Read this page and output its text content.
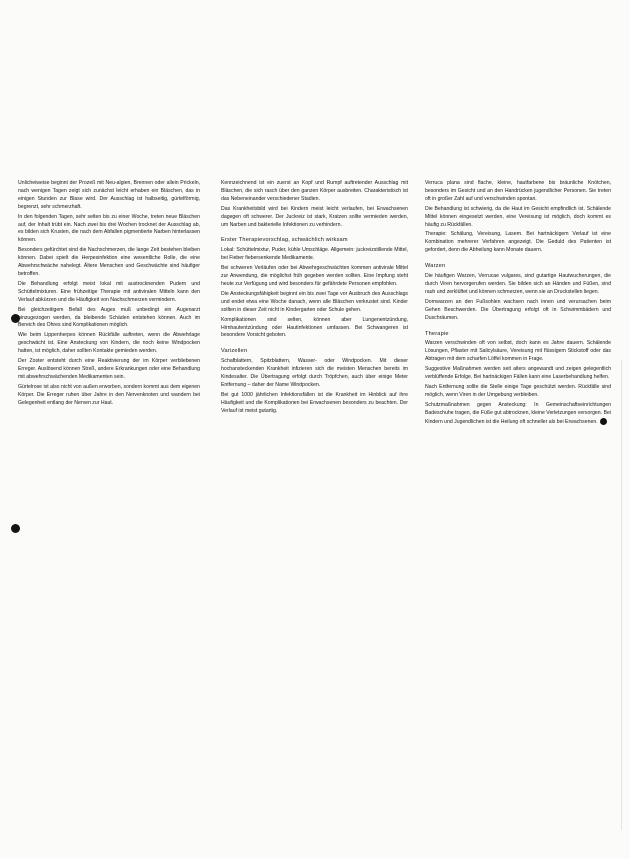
Unlicheiweise beginnt der Prozeß mit Neu-algien, Brennen oder allein Prickeln, nach wenigen Tagen zeigt sich zunächst leicht erhaben ein Bläschen, das in einigen Stunden zur Blase wird. Der Ausschlag ist halbseitig, gürtelförmig, begrenzt, sehr schmerzhaft.

In den folgenden Tagen, sehr selten bis zu einer Woche, treten neue Bläschen auf, der Inhalt trübt ein. Nach zwei bis drei Wochen trocknet der Ausschlag ab, es bilden sich Krusten, die nach dem Abfallen pigmentierte Narben hinterlassen können.

Besonders gefürchtet sind die Nachschmerzen, die lange Zeit bestehen bleiben können. Dabei spielt die Herpesinfektion eine wesentliche Rolle, die eine Abwehrschwäche nahelegt. Ältere Menschen und Geschwächte sind häufiger betroffen.

Die Behandlung erfolgt meist lokal mit austrocknenden Pudern und Schüttelmixturen. Eine frühzeitige Therapie mit antiviralen Mitteln kann den Verlauf abkürzen und die Häufigkeit von Nachschmerzen vermindern.

Bei gleichzeitigem Befall des Auges muß unbedingt ein Augenarzt hinzugezogen werden, da bleibende Schäden entstehen können. Auch im Bereich des Ohres sind Komplikationen möglich.

Wie beim Lippenherpes können Rückfälle auftreten, wenn die Abwehrlage geschwächt ist. Eine Ansteckung von Kindern, die noch keine Windpocken hatten, ist möglich, daher sollten Kontakte gemieden werden.

Der Zoster entsteht durch eine Reaktivierung der im Körper verbliebenen Erreger. Auslösend können Streß, andere Erkrankungen oder eine Behandlung mit abwehrschwächenden Medikamenten sein.

Gürtelrose ist also nicht von außen erworben, sondern kommt aus dem eigenen Körper. Die Erreger ruhen über Jahre in den Nervenknoten und wandern bei Gelegenheit entlang der Nerven zur Haut.

Kennzeichnend ist ein zuerst an Kopf und Rumpf auftretender Ausschlag mit Bläschen, die sich rasch über den ganzen Körper ausbreiten. Charakteristisch ist das Nebeneinander verschiedener Stadien.

Das Krankheitsbild wird bei Kindern meist leicht verlaufen, bei Erwachsenen dagegen oft schwerer. Der Juckreiz ist stark, Kratzen sollte vermieden werden, um Narben und bakterielle Infektionen zu verhindern.

Erster Therapievorschlag, schwächlich wirksam

Lokal: Schüttelmixtur, Puder, kühle Umschläge. Allgemein: juckreizstillende Mittel, bei Fieber fiebersenkende Medikamente.

Bei schweren Verläufen oder bei Abwehrgeschwächten kommen antivirale Mittel zur Anwendung, die möglichst früh gegeben werden sollten. Eine Impfung steht heute zur Verfügung und wird besonders für gefährdete Personen empfohlen.

Die Ansteckungsfähigkeit beginnt ein bis zwei Tage vor Ausbruch des Ausschlags und endet etwa eine Woche danach, wenn alle Bläschen verkrustet sind. Kinder sollten in dieser Zeit nicht in Kindergarten oder Schule gehen.

Komplikationen sind selten, können aber Lungenentzündung, Hirnhautentzündung oder Hautinfektionen umfassen. Bei Schwangeren ist besondere Vorsicht geboten.

Varizellen

Schafblattern, Spitzblattern, Wasser- oder Windpocken. Mit dieser hochansteckenden Krankheit infizieren sich die meisten Menschen bereits im Kindesalter. Die Übertragung erfolgt durch Tröpfchen, auch über einige Meter Entfernung – daher der Name Windpocken.

Bei gut 1000 jährlichen Infektionsfällen ist die Krankheit im Hinblick auf ihre Häufigkeit und die Komplikationen bei Erwachsenen besonders zu beachten. Der Verlauf ist meist gutartig.

Verruca plana sind flache, kleine, hautfarbene bis bräunliche Knötchen, besonders im Gesicht und an den Handrücken jugendlicher Personen. Sie treten oft in großer Zahl auf und verschwinden spontan.

Die Behandlung ist schwierig, da die Haut im Gesicht empfindlich ist. Schälende Mittel können eingesetzt werden, eine Vereisung ist möglich, doch kommt es häufig zu Rückfällen.

Therapie: Schälung, Vereisung, Lasern. Bei hartnäckigem Verlauf ist eine Kombination mehrerer Verfahren angezeigt. Die Geduld des Patienten ist gefordert, denn die Abheilung kann Monate dauern.

Warzen

Die häufigen Warzen, Verrucae vulgares, sind gutartige Hautwucherungen, die durch Viren hervorgerufen werden. Sie bilden sich an Händen und Füßen, sind rauh und zerklüftet und können schmerzen, wenn sie an Druckstellen liegen.

Dornwarzen an den Fußsohlen wachsen nach innen und verursachen beim Gehen Beschwerden. Die Übertragung erfolgt oft in Schwimmbädern und Duschräumen.

Therapie

Warzen verschwinden oft von selbst, doch kann es Jahre dauern. Schälende Lösungen, Pflaster mit Salicylsäure, Vereisung mit flüssigem Stickstoff oder das Abtragen mit dem scharfen Löffel kommen in Frage.

Suggestive Maßnahmen werden seit alters angewandt und zeigen gelegentlich verblüffende Erfolge. Bei hartnäckigen Fällen kann eine Laserbehandlung helfen.

Nach Entfernung sollte die Stelle einige Tage geschützt werden. Rückfälle sind möglich, wenn Viren in der Umgebung verbleiben.

Schutzmaßnahmen gegen Ansteckung: In Gemeinschaftseinrichtungen Badeschuhe tragen, die Füße gut abtrocknen, kleine Verletzungen versorgen. Bei Kindern und Jugendlichen ist die Heilung oft schneller als bei Erwachsenen.
